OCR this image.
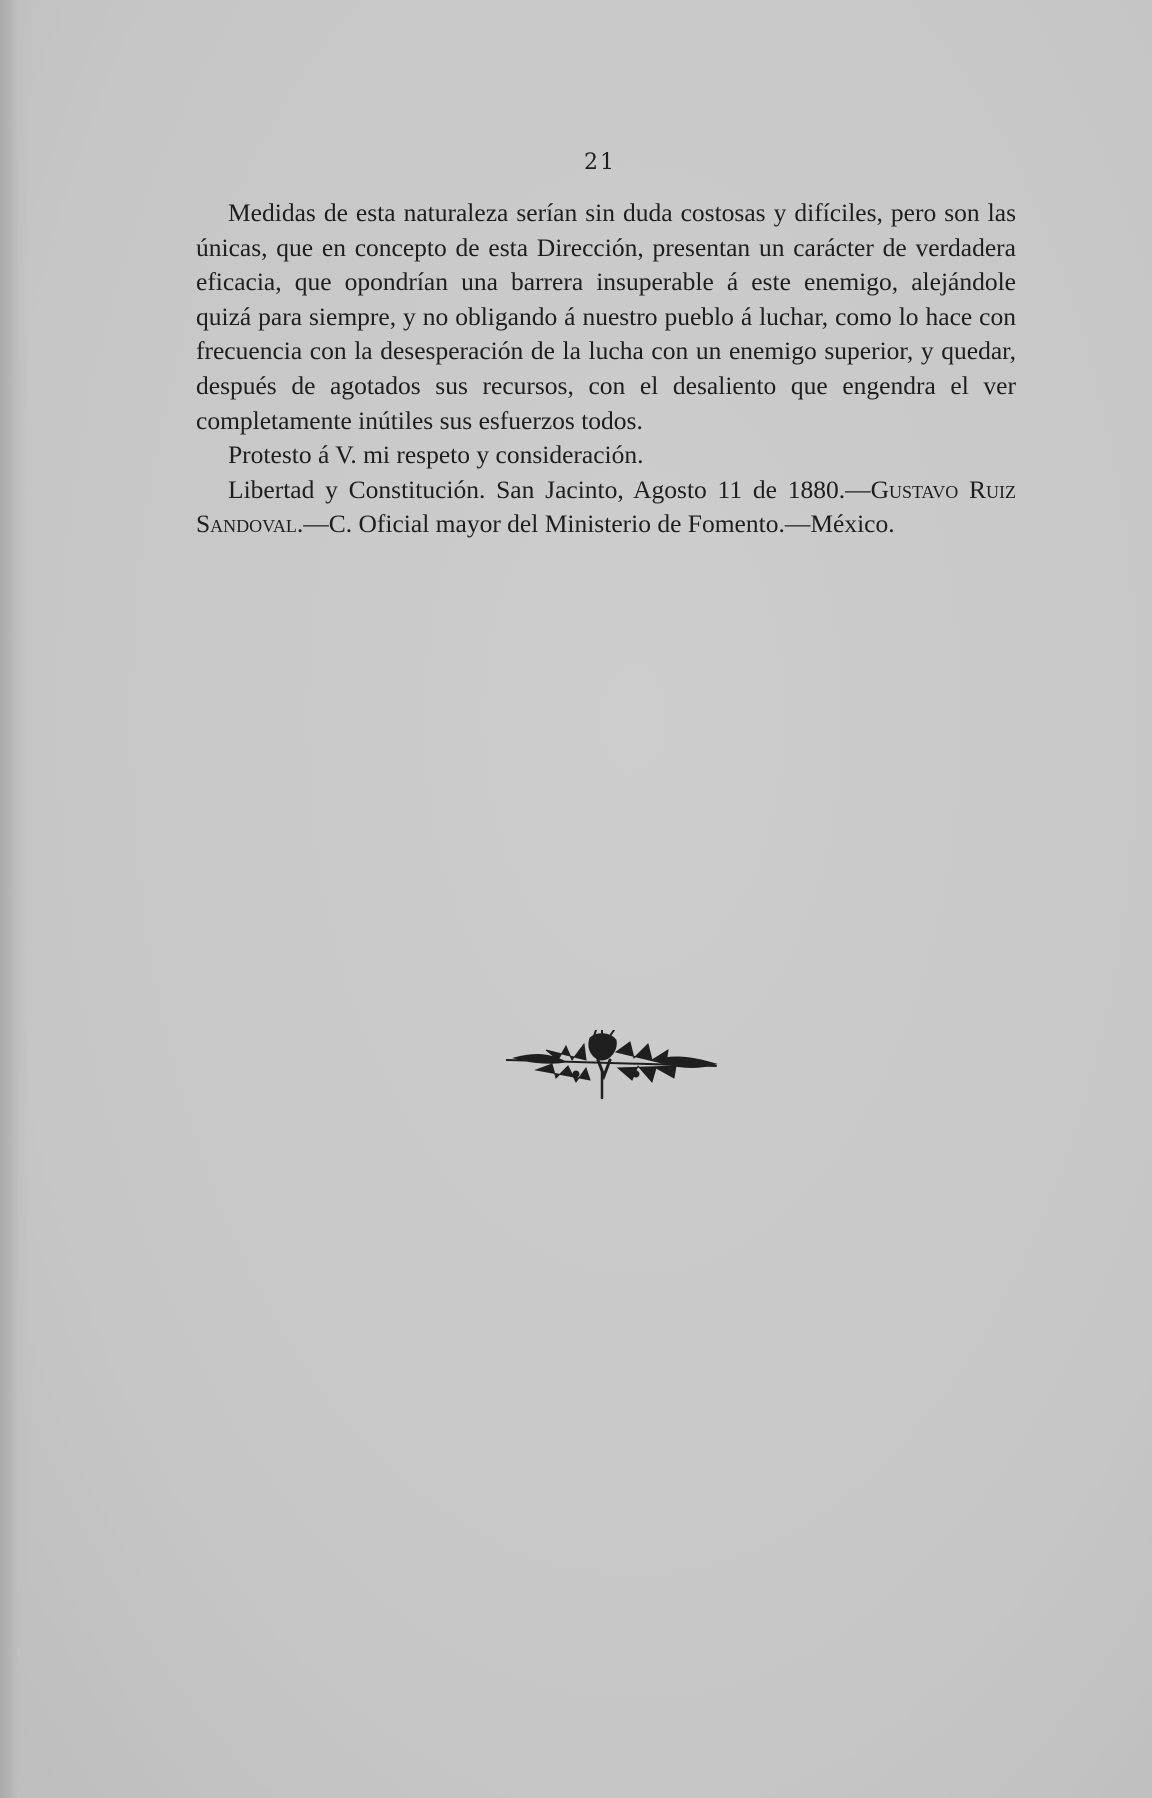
21

Medidas de esta naturaleza serían sin duda costosas y difíciles, pero son las únicas, que en concepto de esta Dirección, presentan un carácter de verdadera eficacia, que opondrían una barrera insuperable á este enemigo, alejándole quizá para siempre, y no obligando á nuestro pueblo á luchar, como lo hace con frecuencia con la desesperación de la lucha con un enemigo superior, y quedar, después de agotados sus recursos, con el desaliento que engendra el ver completamente inútiles sus esfuerzos todos.

Protesto á V. mi respeto y consideración.

Libertad y Constitución. San Jacinto, Agosto 11 de 1880.—Gustavo Ruiz Sandoval.—C. Oficial mayor del Ministerio de Fomento.—México.
